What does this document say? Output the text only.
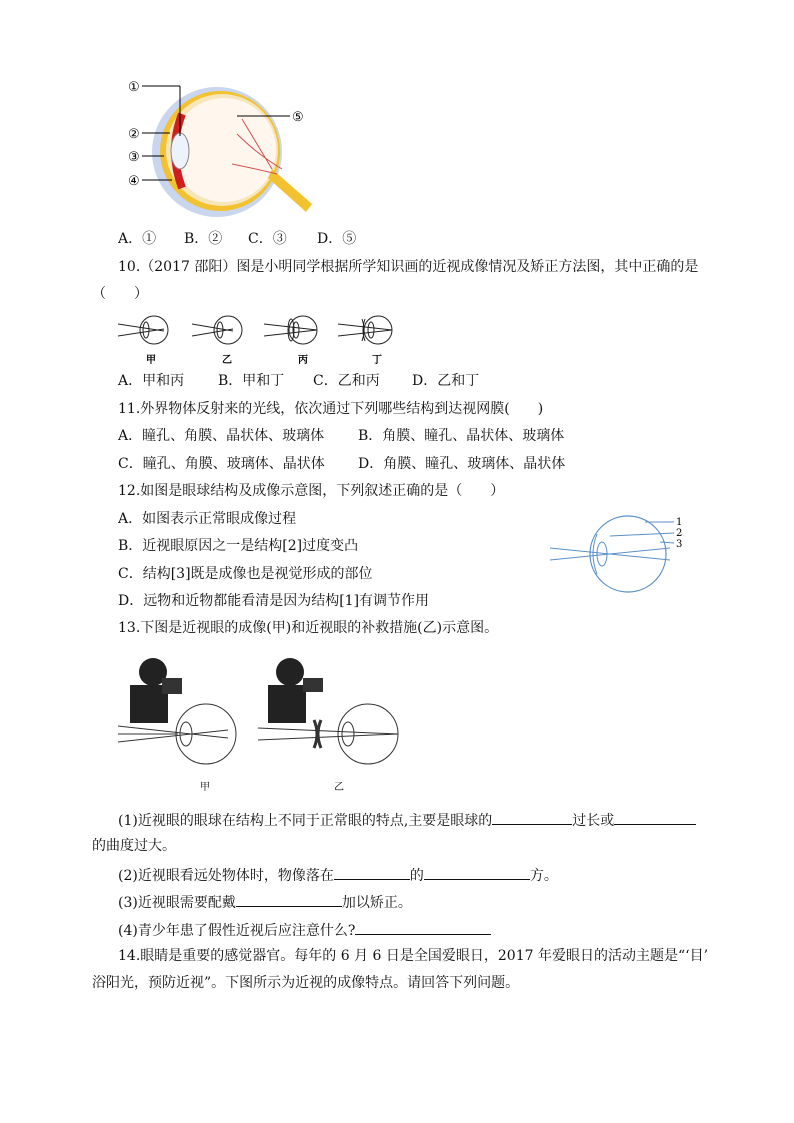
①
②
③
④
⑤
A．① B．② C．③ D．⑤
10.（2017 邵阳）图是小明同学根据所学知识画的近视成像情况及矫正方法图，其中正确的是
（　　）
甲	乙	丙	丁
A．甲和丙 B．甲和丁 C．乙和丙 D．乙和丁
11.外界物体反射来的光线，依次通过下列哪些结构到达视网膜(　　)
A．瞳孔、角膜、晶状体、玻璃体 B．角膜、瞳孔、晶状体、玻璃体
C．瞳孔、角膜、玻璃体、晶状体 D．角膜、瞳孔、玻璃体、晶状体
12.如图是眼球结构及成像示意图，下列叙述正确的是（　　）
A．如图表示正常眼成像过程
B．近视眼原因之一是结构[2]过度变凸
C．结构[3]既是成像也是视觉形成的部位
D．远物和近物都能看清是因为结构[1]有调节作用
1
2
3
13.下图是近视眼的成像(甲)和近视眼的补救措施(乙)示意图。
甲	乙
(1)近视眼的眼球在结构上不同于正常眼的特点,主要是眼球的	过长或
的曲度过大。
(2)近视眼看远处物体时，物像落在	的	方。
(3)近视眼需要配戴	加以矫正。
(4)青少年患了假性近视后应注意什么?
14.眼睛是重要的感觉器官。每年的 6 月 6 日是全国爱眼日，2017 年爱眼日的活动主题是“‘目’
浴阳光，预防近视”。下图所示为近视的成像特点。请回答下列问题。
